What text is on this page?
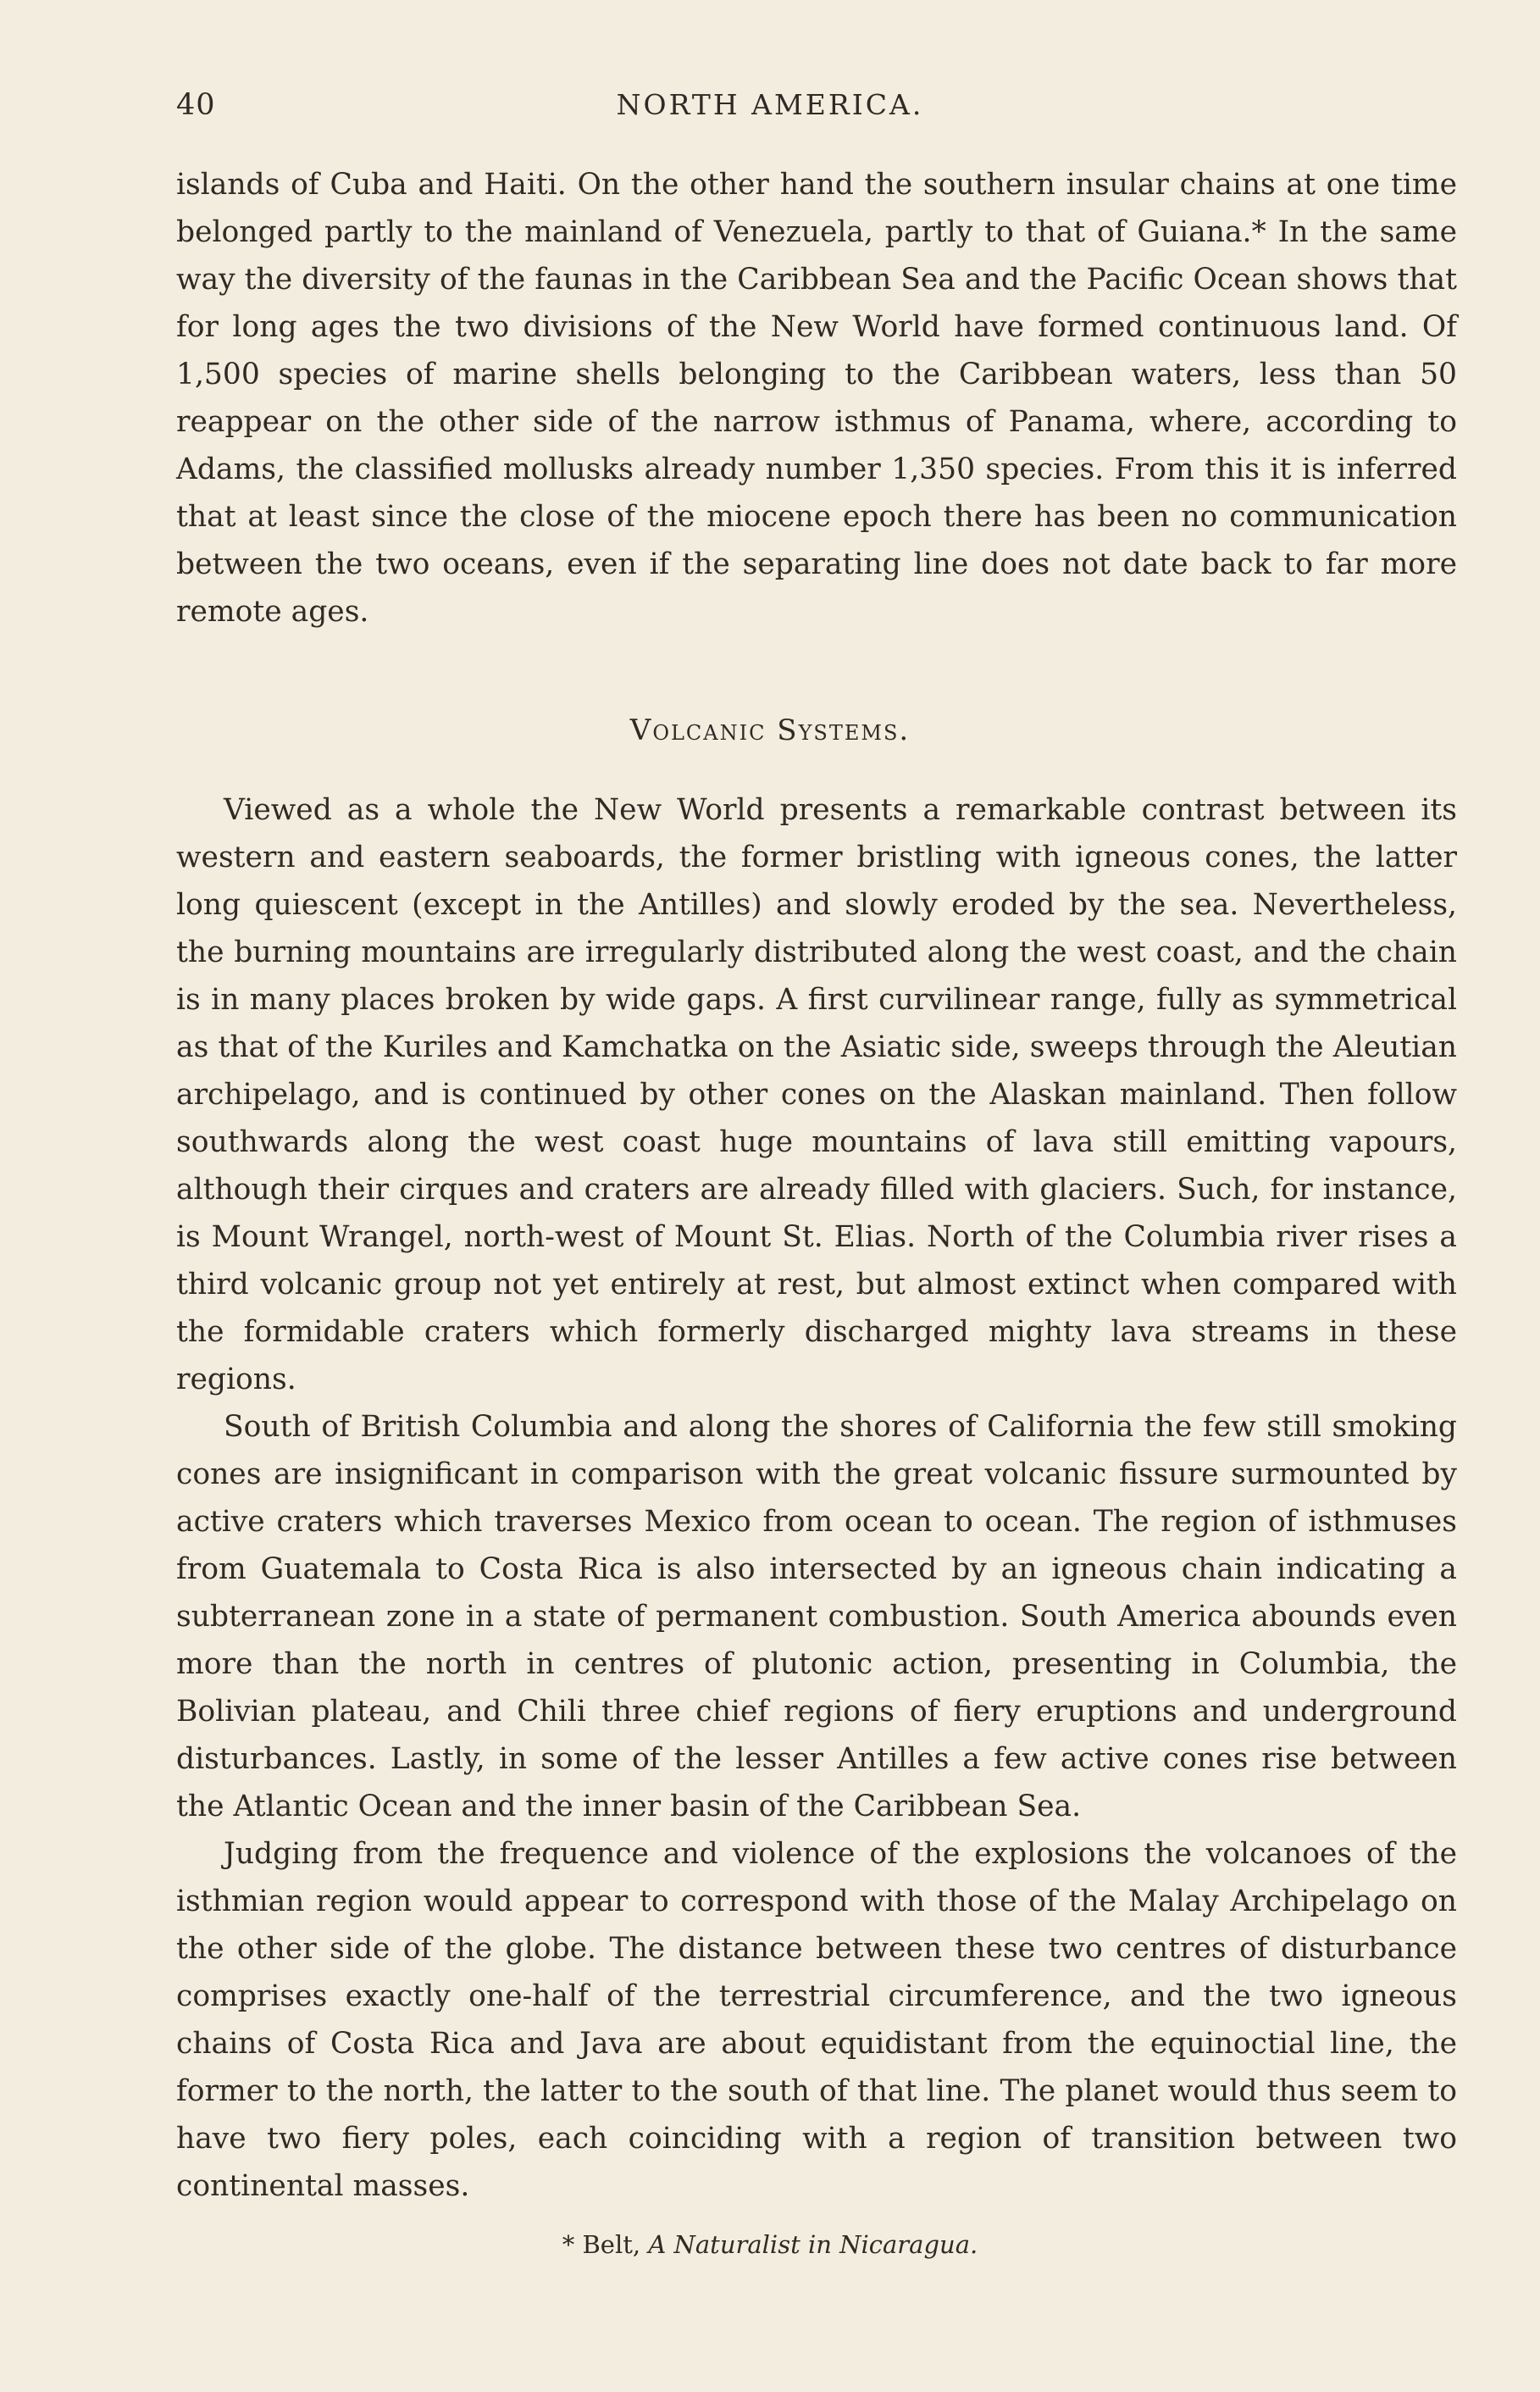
40	NORTH AMERICA.

islands of Cuba and Haiti. On the other hand the southern insular chains at one time belonged partly to the mainland of Venezuela, partly to that of Guiana.* In the same way the diversity of the faunas in the Caribbean Sea and the Pacific Ocean shows that for long ages the two divisions of the New World have formed continuous land. Of 1,500 species of marine shells belonging to the Caribbean waters, less than 50 reappear on the other side of the narrow isthmus of Panama, where, according to Adams, the classified mollusks already number 1,350 species. From this it is inferred that at least since the close of the miocene epoch there has been no communication between the two oceans, even if the separating line does not date back to far more remote ages.

Volcanic Systems.

Viewed as a whole the New World presents a remarkable contrast between its western and eastern seaboards, the former bristling with igneous cones, the latter long quiescent (except in the Antilles) and slowly eroded by the sea. Nevertheless, the burning mountains are irregularly distributed along the west coast, and the chain is in many places broken by wide gaps. A first curvilinear range, fully as symmetrical as that of the Kuriles and Kamchatka on the Asiatic side, sweeps through the Aleutian archipelago, and is continued by other cones on the Alaskan mainland. Then follow southwards along the west coast huge mountains of lava still emitting vapours, although their cirques and craters are already filled with glaciers. Such, for instance, is Mount Wrangel, north-west of Mount St. Elias. North of the Columbia river rises a third volcanic group not yet entirely at rest, but almost extinct when compared with the formidable craters which formerly discharged mighty lava streams in these regions.

South of British Columbia and along the shores of California the few still smoking cones are insignificant in comparison with the great volcanic fissure surmounted by active craters which traverses Mexico from ocean to ocean. The region of isthmuses from Guatemala to Costa Rica is also intersected by an igneous chain indicating a subterranean zone in a state of permanent combustion. South America abounds even more than the north in centres of plutonic action, presenting in Columbia, the Bolivian plateau, and Chili three chief regions of fiery eruptions and underground disturbances. Lastly, in some of the lesser Antilles a few active cones rise between the Atlantic Ocean and the inner basin of the Caribbean Sea.

Judging from the frequence and violence of the explosions the volcanoes of the isthmian region would appear to correspond with those of the Malay Archipelago on the other side of the globe. The distance between these two centres of disturbance comprises exactly one-half of the terrestrial circumference, and the two igneous chains of Costa Rica and Java are about equidistant from the equinoctial line, the former to the north, the latter to the south of that line. The planet would thus seem to have two fiery poles, each coinciding with a region of transition between two continental masses.

* Belt, A Naturalist in Nicaragua.
